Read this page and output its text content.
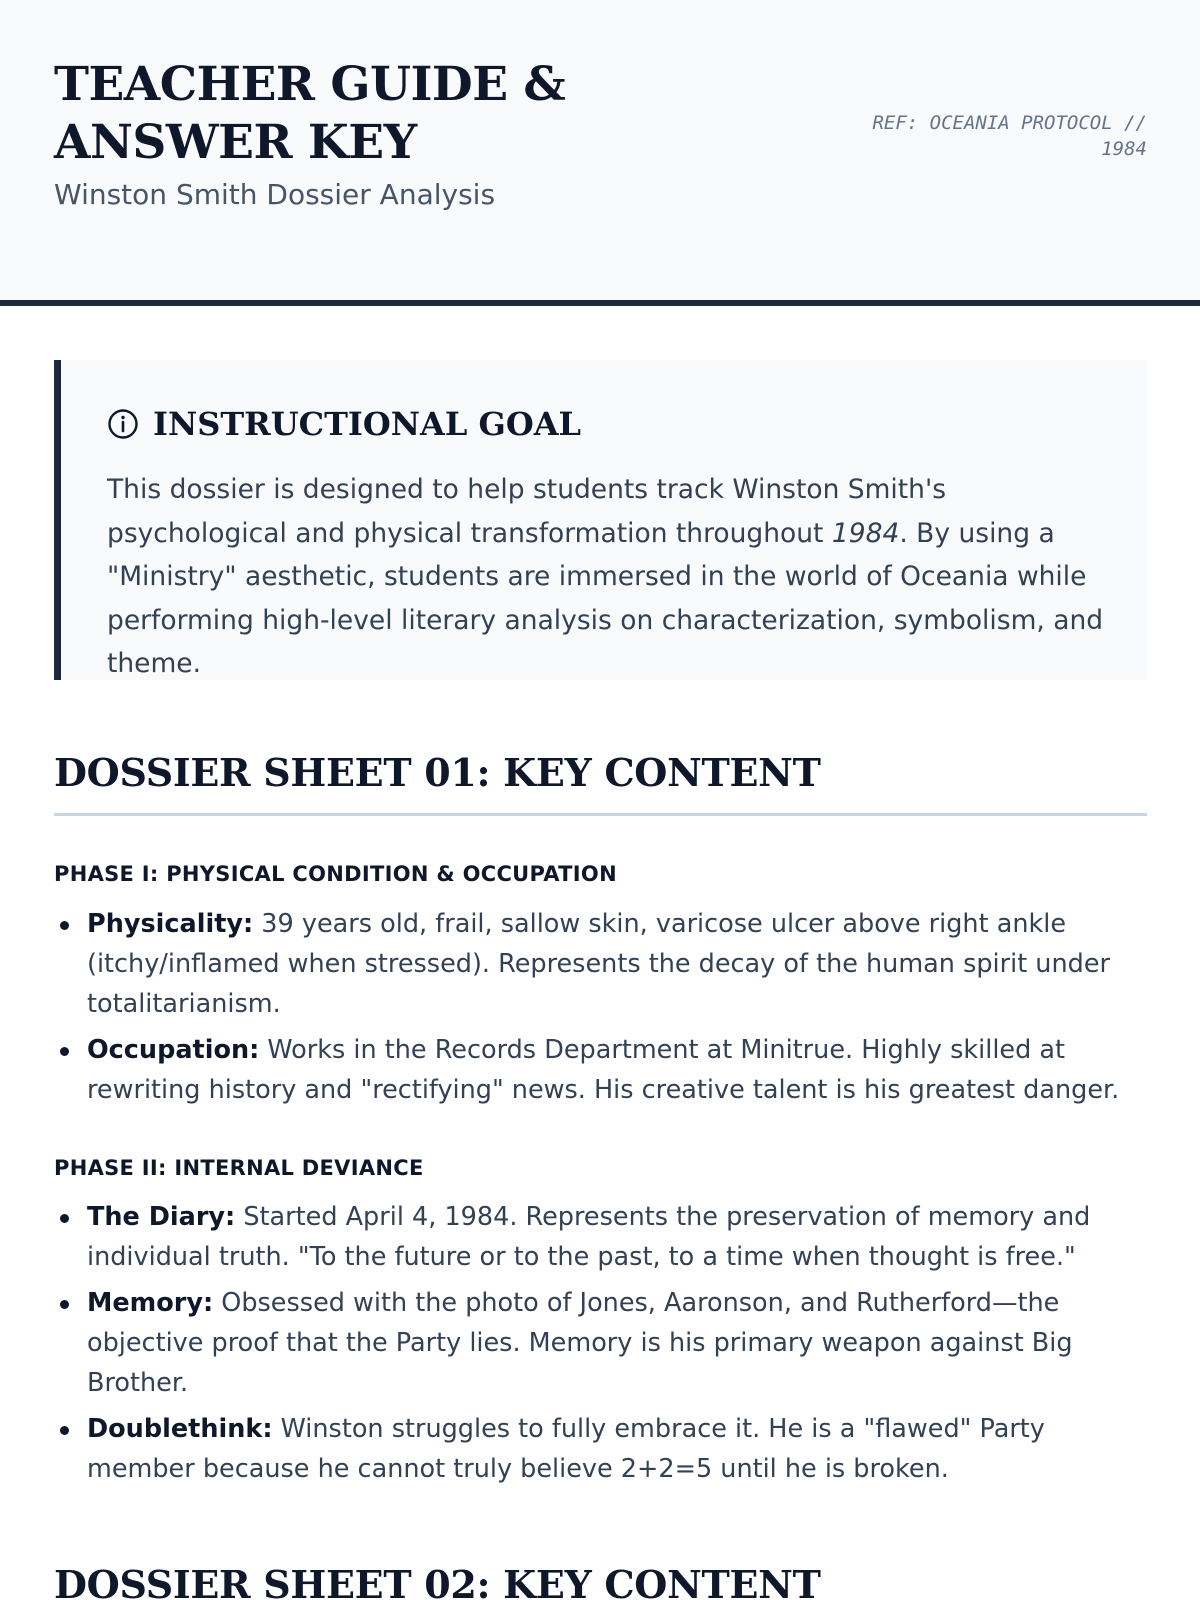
TEACHER GUIDE & ANSWER KEY
Winston Smith Dossier Analysis
REF: OCEANIA PROTOCOL // 1984
INSTRUCTIONAL GOAL

This dossier is designed to help students track Winston Smith's psychological and physical transformation throughout 1984. By using a "Ministry" aesthetic, students are immersed in the world of Oceania while performing high-level literary analysis on characterization, symbolism, and theme.

DOSSIER SHEET 01: KEY CONTENT
PHASE I: PHYSICAL CONDITION & OCCUPATION
Physicality: 39 years old, frail, sallow skin, varicose ulcer above right ankle (itchy/inflamed when stressed). Represents the decay of the human spirit under totalitarianism.
Occupation: Works in the Records Department at Minitrue. Highly skilled at rewriting history and "rectifying" news. His creative talent is his greatest danger.
PHASE II: INTERNAL DEVIANCE
The Diary: Started April 4, 1984. Represents the preservation of memory and individual truth. "To the future or to the past, to a time when thought is free."
Memory: Obsessed with the photo of Jones, Aaronson, and Rutherford—the objective proof that the Party lies. Memory is his primary weapon against Big Brother.
Doublethink: Winston struggles to fully embrace it. He is a "flawed" Party member because he cannot truly believe 2+2=5 until he is broken.
DOSSIER SHEET 02: KEY CONTENT
